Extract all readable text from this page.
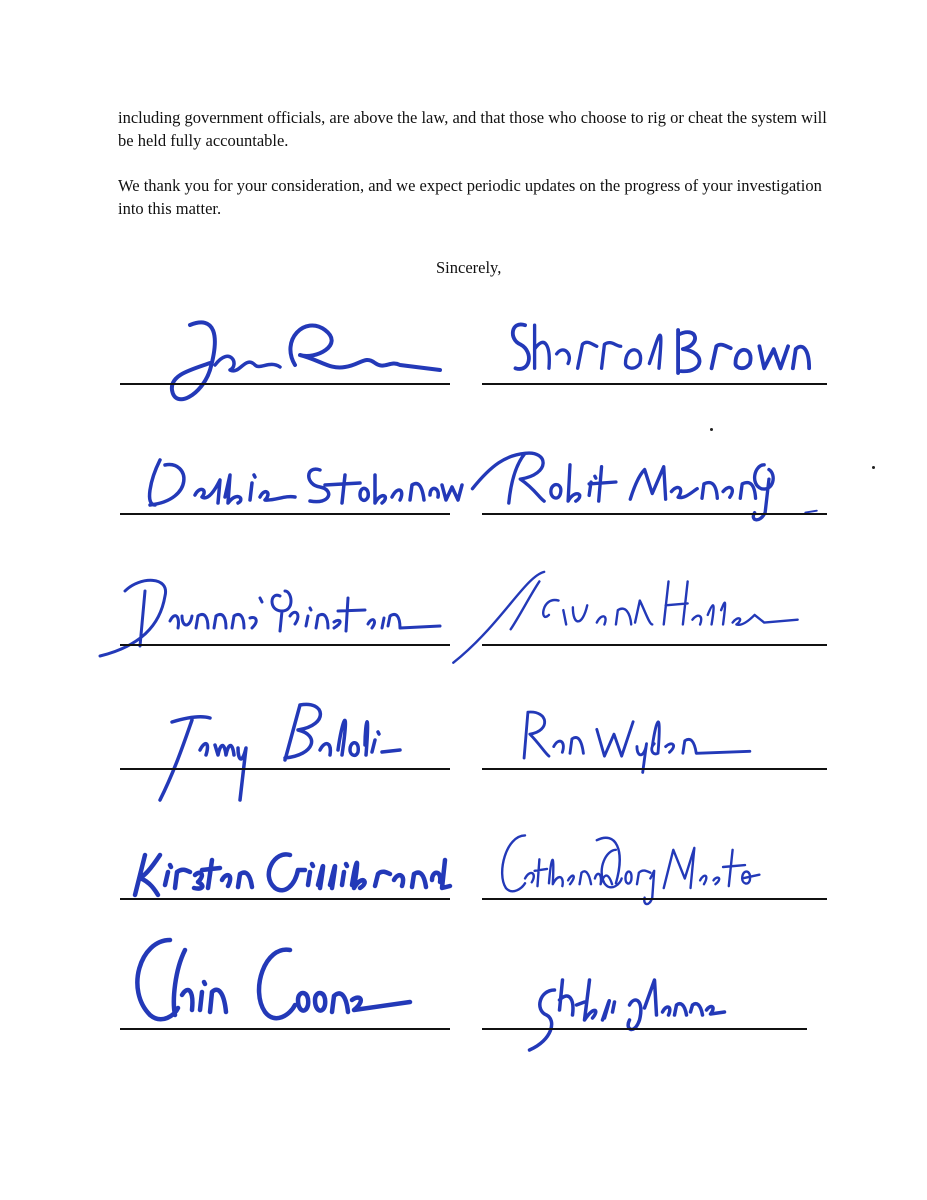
including government officials, are above the law, and that those who choose to rig or cheat the system will be held fully accountable.

We thank you for your consideration, and we expect periodic updates on the progress of your investigation into this matter.

Sincerely,
